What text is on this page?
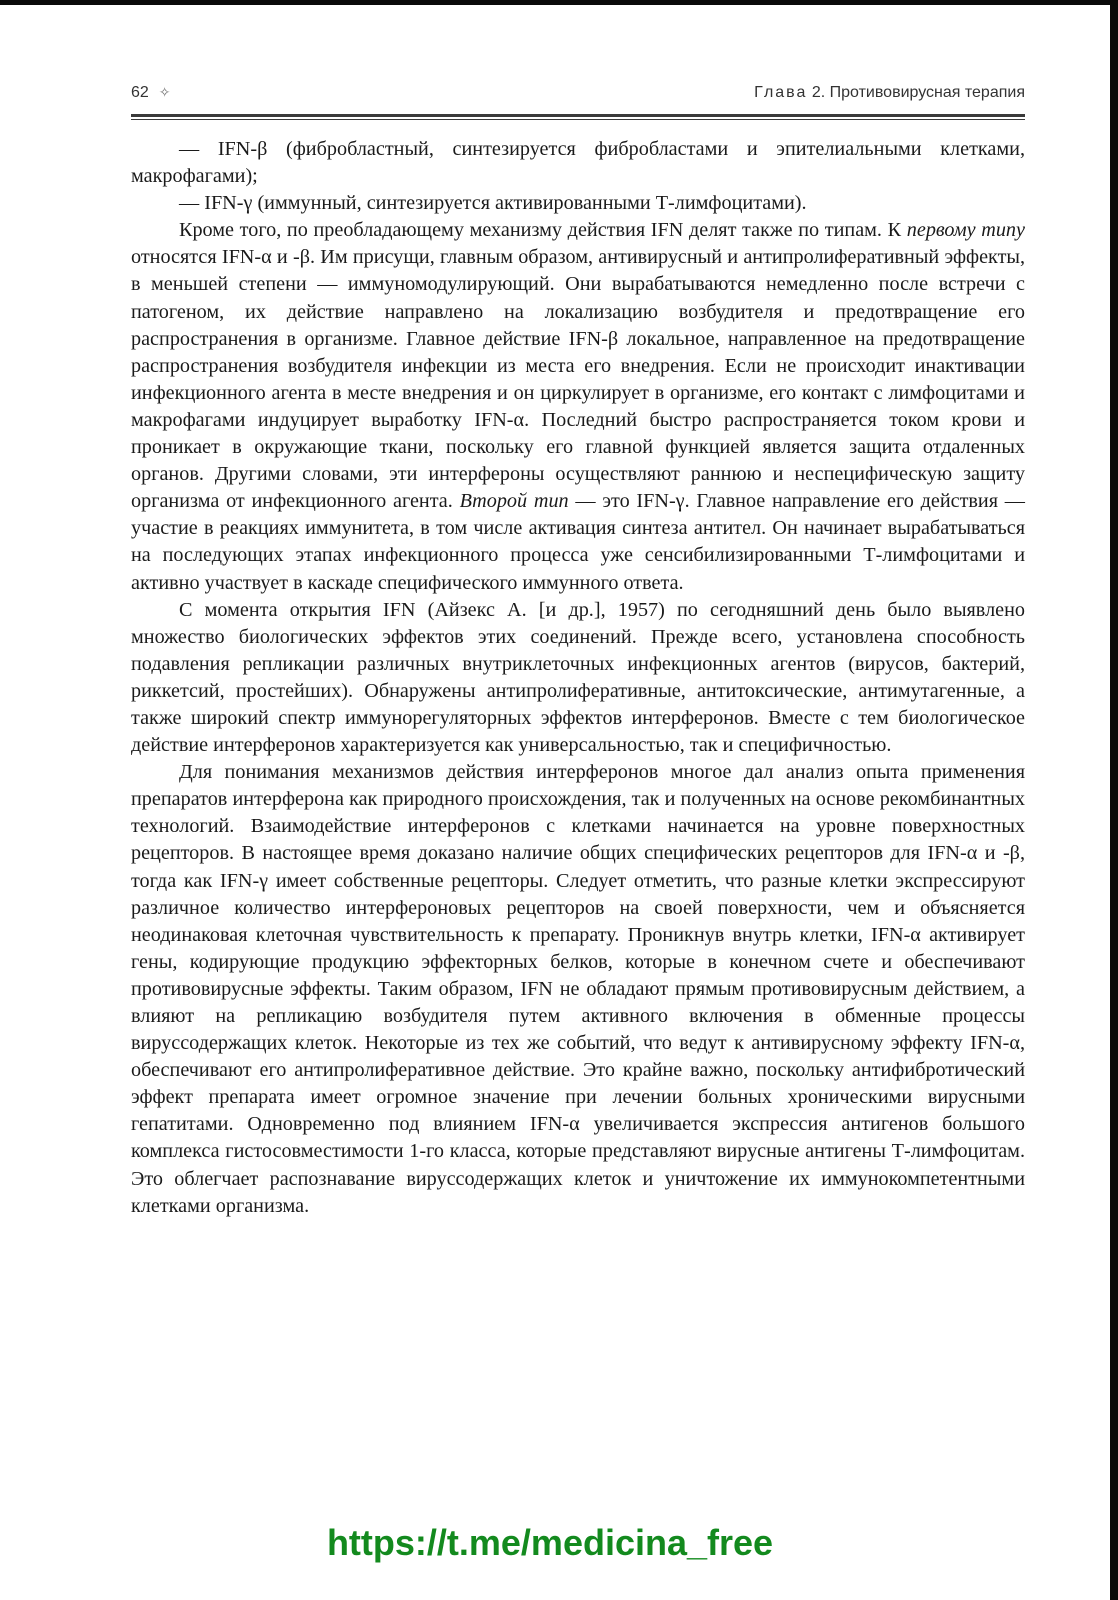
62 ✧	Глава 2. Противовирусная терапия

— IFN-β (фибробластный, синтезируется фибробластами и эпителиальными клетками, макрофагами);

— IFN-γ (иммунный, синтезируется активированными Т-лимфоцитами).

Кроме того, по преобладающему механизму действия IFN делят также по типам. К первому типу относятся IFN-α и -β. Им присущи, главным образом, антивирусный и антипролиферативный эффекты, в меньшей степени — иммуномодулирующий. Они вырабатываются немедленно после встречи с патогеном, их действие направлено на локализацию возбудителя и предотвращение его распространения в организме. Главное действие IFN-β локальное, направленное на предотвращение распространения возбудителя инфекции из места его внедрения. Если не происходит инактивации инфекционного агента в месте внедрения и он циркулирует в организме, его контакт с лимфоцитами и макрофагами индуцирует выработку IFN-α. Последний быстро распространяется током крови и проникает в окружающие ткани, поскольку его главной функцией является защита отдаленных органов. Другими словами, эти интерфероны осуществляют раннюю и неспецифическую защиту организма от инфекционного агента. Второй тип — это IFN-γ. Главное направление его действия — участие в реакциях иммунитета, в том числе активация синтеза антител. Он начинает вырабатываться на последующих этапах инфекционного процесса уже сенсибилизированными Т-лимфоцитами и активно участвует в каскаде специфического иммунного ответа.

С момента открытия IFN (Айзекс А. [и др.], 1957) по сегодняшний день было выявлено множество биологических эффектов этих соединений. Прежде всего, установлена способность подавления репликации различных внутриклеточных инфекционных агентов (вирусов, бактерий, риккетсий, простейших). Обнаружены антипролиферативные, антитоксические, антимутагенные, а также широкий спектр иммунорегуляторных эффектов интерферонов. Вместе с тем биологическое действие интерферонов характеризуется как универсальностью, так и специфичностью.

Для понимания механизмов действия интерферонов многое дал анализ опыта применения препаратов интерферона как природного происхождения, так и полученных на основе рекомбинантных технологий. Взаимодействие интерферонов с клетками начинается на уровне поверхностных рецепторов. В настоящее время доказано наличие общих специфических рецепторов для IFN-α и -β, тогда как IFN-γ имеет собственные рецепторы. Следует отметить, что разные клетки экспрессируют различное количество интерфероновых рецепторов на своей поверхности, чем и объясняется неодинаковая клеточная чувствительность к препарату. Проникнув внутрь клетки, IFN-α активирует гены, кодирующие продукцию эффекторных белков, которые в конечном счете и обеспечивают противовирусные эффекты. Таким образом, IFN не обладают прямым противовирусным действием, а влияют на репликацию возбудителя путем активного включения в обменные процессы вируссодержащих клеток. Некоторые из тех же событий, что ведут к антивирусному эффекту IFN-α, обеспечивают его антипролиферативное действие. Это крайне важно, поскольку антифибротический эффект препарата имеет огромное значение при лечении больных хроническими вирусными гепатитами. Одновременно под влиянием IFN-α увеличивается экспрессия антигенов большого комплекса гистосовместимости 1-го класса, которые представляют вирусные антигены Т-лимфоцитам. Это облегчает распознавание вируссодержащих клеток и уничтожение их иммунокомпетентными клетками организма.

https://t.me/medicina_free
